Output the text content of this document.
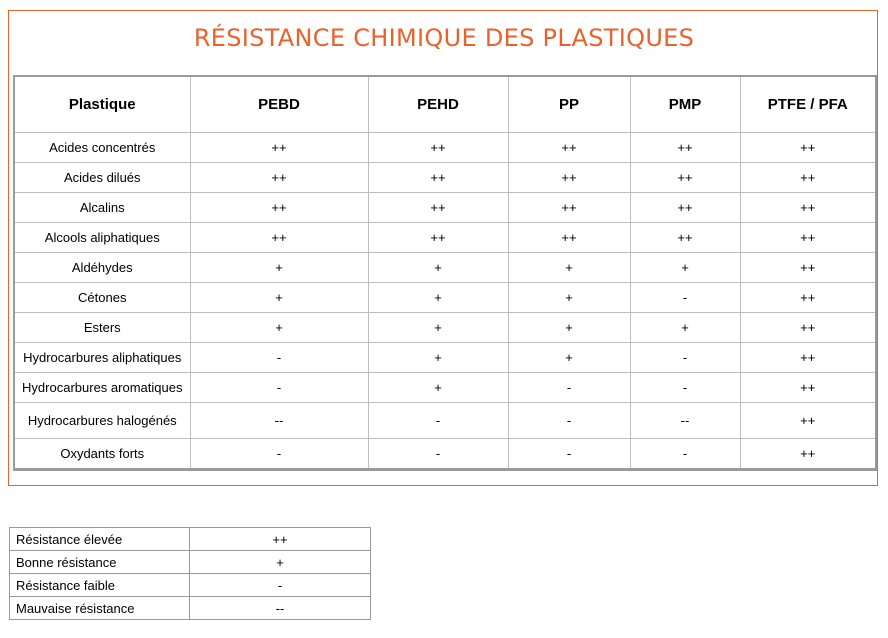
RÉSISTANCE CHIMIQUE DES PLASTIQUES
Plastique	PEBD	PEHD	PP	PMP	PTFE / PFA
Acides concentrés	++	++	++	++	++
Acides dilués	++	++	++	++	++
Alcalins	++	++	++	++	++
Alcools aliphatiques	++	++	++	++	++
Aldéhydes	+	+	+	+	++
Cétones	+	+	+	-	++
Esters	+	+	+	+	++
Hydrocarbures aliphatiques	-	+	+	-	++
Hydrocarbures aromatiques	-	+	-	-	++
Hydrocarbures halogénés	--	-	-	--	++
Oxydants forts	-	-	-	-	++
Résistance élevée	++
Bonne résistance	+
Résistance faible	-
Mauvaise résistance	--
